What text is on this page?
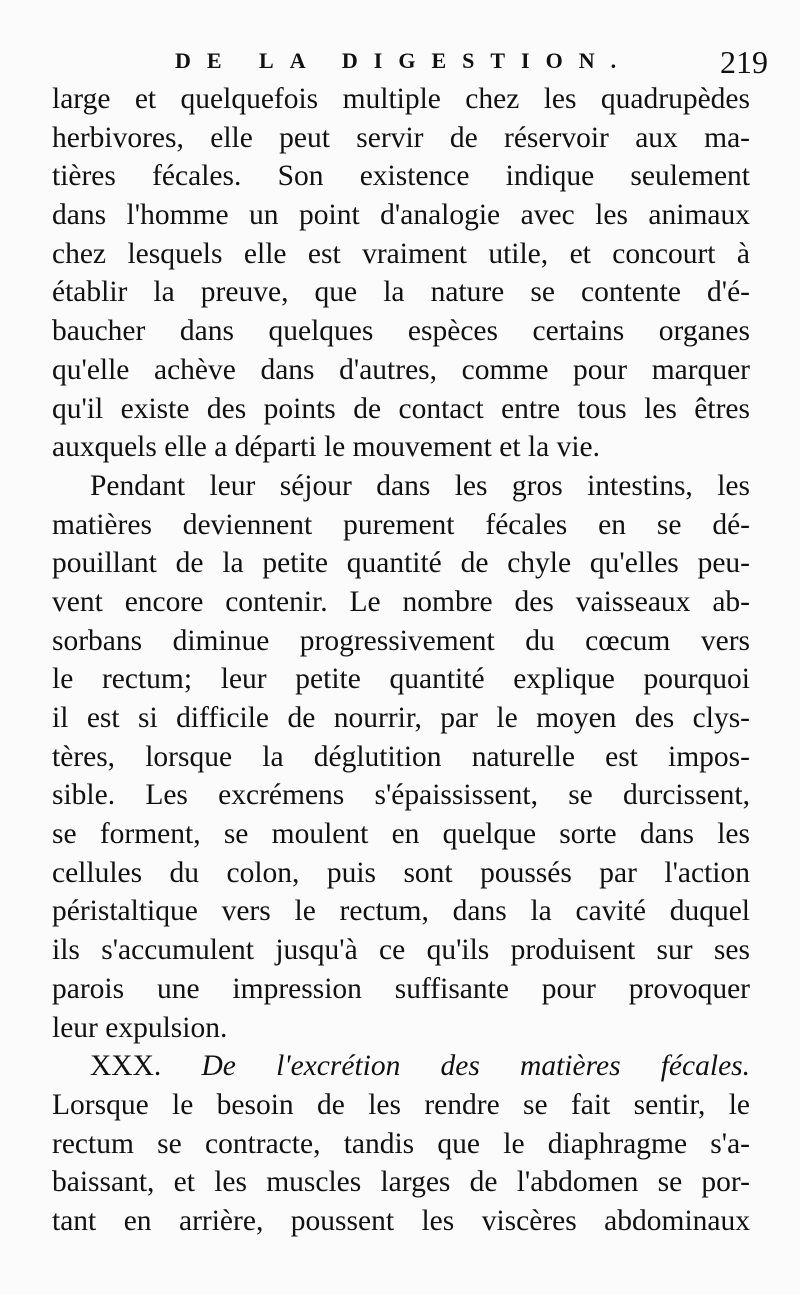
DE LA DIGESTION.	219
large et quelquefois multiple chez les quadrupèdes
herbivores, elle peut servir de réservoir aux ma-
tières fécales. Son existence indique seulement
dans l'homme un point d'analogie avec les animaux
chez lesquels elle est vraiment utile, et concourt à
établir la preuve, que la nature se contente d'é-
baucher dans quelques espèces certains organes
qu'elle achève dans d'autres, comme pour marquer
qu'il existe des points de contact entre tous les êtres
auxquels elle a départi le mouvement et la vie.
Pendant leur séjour dans les gros intestins, les
matières deviennent purement fécales en se dé-
pouillant de la petite quantité de chyle qu'elles peu-
vent encore contenir. Le nombre des vaisseaux ab-
sorbans diminue progressivement du cœcum vers
le rectum; leur petite quantité explique pourquoi
il est si difficile de nourrir, par le moyen des clys-
tères, lorsque la déglutition naturelle est impos-
sible. Les excrémens s'épaississent, se durcissent,
se forment, se moulent en quelque sorte dans les
cellules du colon, puis sont poussés par l'action
péristaltique vers le rectum, dans la cavité duquel
ils s'accumulent jusqu'à ce qu'ils produisent sur ses
parois une impression suffisante pour provoquer
leur expulsion.
XXX. De l'excrétion des matières fécales.
Lorsque le besoin de les rendre se fait sentir, le
rectum se contracte, tandis que le diaphragme s'a-
baissant, et les muscles larges de l'abdomen se por-
tant en arrière, poussent les viscères abdominaux
